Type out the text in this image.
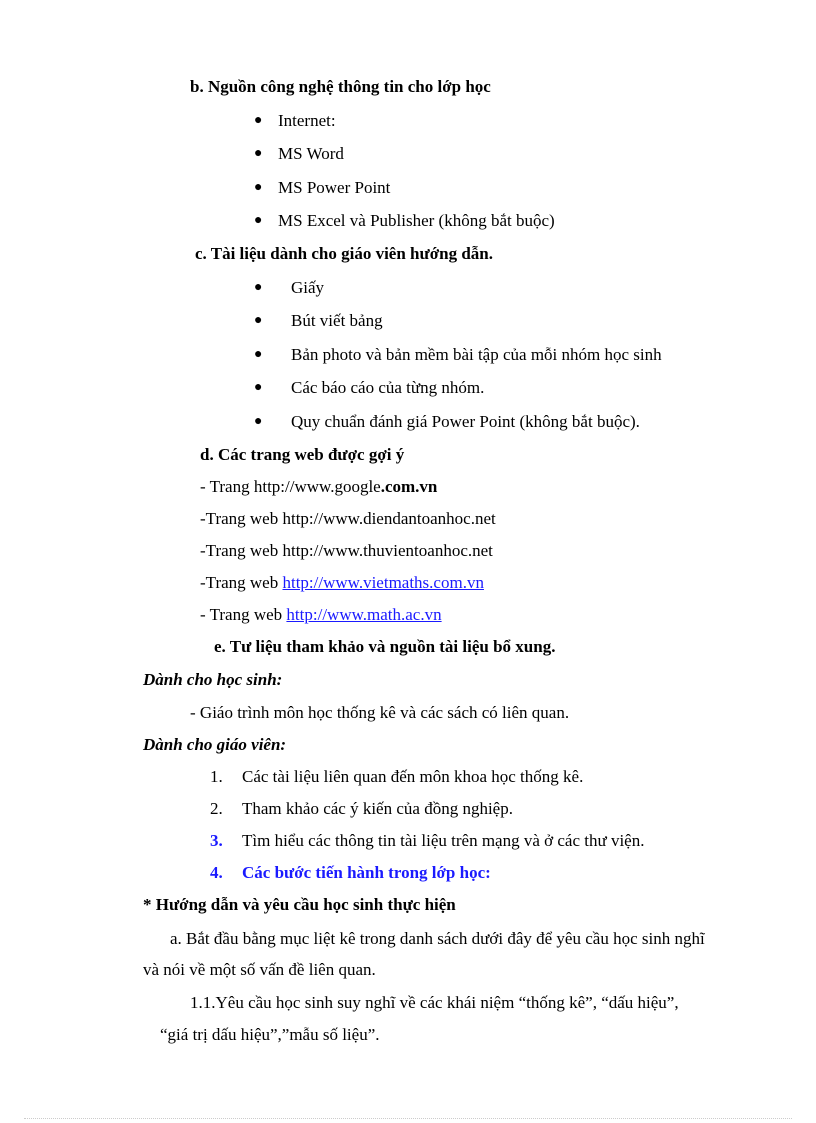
b. Nguồn công nghệ thông tin cho lớp học
● Internet:
● MS Word
● MS Power Point
● MS Excel và Publisher (không bắt buộc)
c. Tài liệu dành cho giáo viên hướng dẫn.
● Giấy
● Bút viết bảng
● Bản photo và bản mềm bài tập của mỗi nhóm học sinh
● Các báo cáo của từng nhóm.
● Quy chuẩn đánh giá Power Point (không bắt buộc).
d. Các trang web được gợi ý
- Trang http://www.google.com.vn
-Trang web http://www.diendantoanhoc.net
-Trang web http://www.thuvientoanhoc.net
-Trang web http://www.vietmaths.com.vn
- Trang web http://www.math.ac.vn
e. Tư liệu tham khảo và nguồn tài liệu bổ xung.
Dành cho học sinh:
- Giáo trình môn học thống kê và các sách có liên quan.
Dành cho giáo viên:
1. Các tài liệu liên quan đến môn khoa học thống kê.
2. Tham khảo các ý kiến của đồng nghiệp.
3. Tìm hiểu các thông tin tài liệu trên mạng và ở các thư viện.
4. Các bước tiến hành trong lớp học:
* Hướng dẫn và yêu cầu học sinh thực hiện
a. Bắt đầu bằng mục liệt kê trong danh sách dưới đây để yêu cầu học sinh nghĩ
và nói về một số vấn đề liên quan.
1.1.Yêu cầu học sinh suy nghĩ về các khái niệm “thống kê”, “dấu hiệu”,
“giá trị dấu hiệu”,”mẫu số liệu”.
